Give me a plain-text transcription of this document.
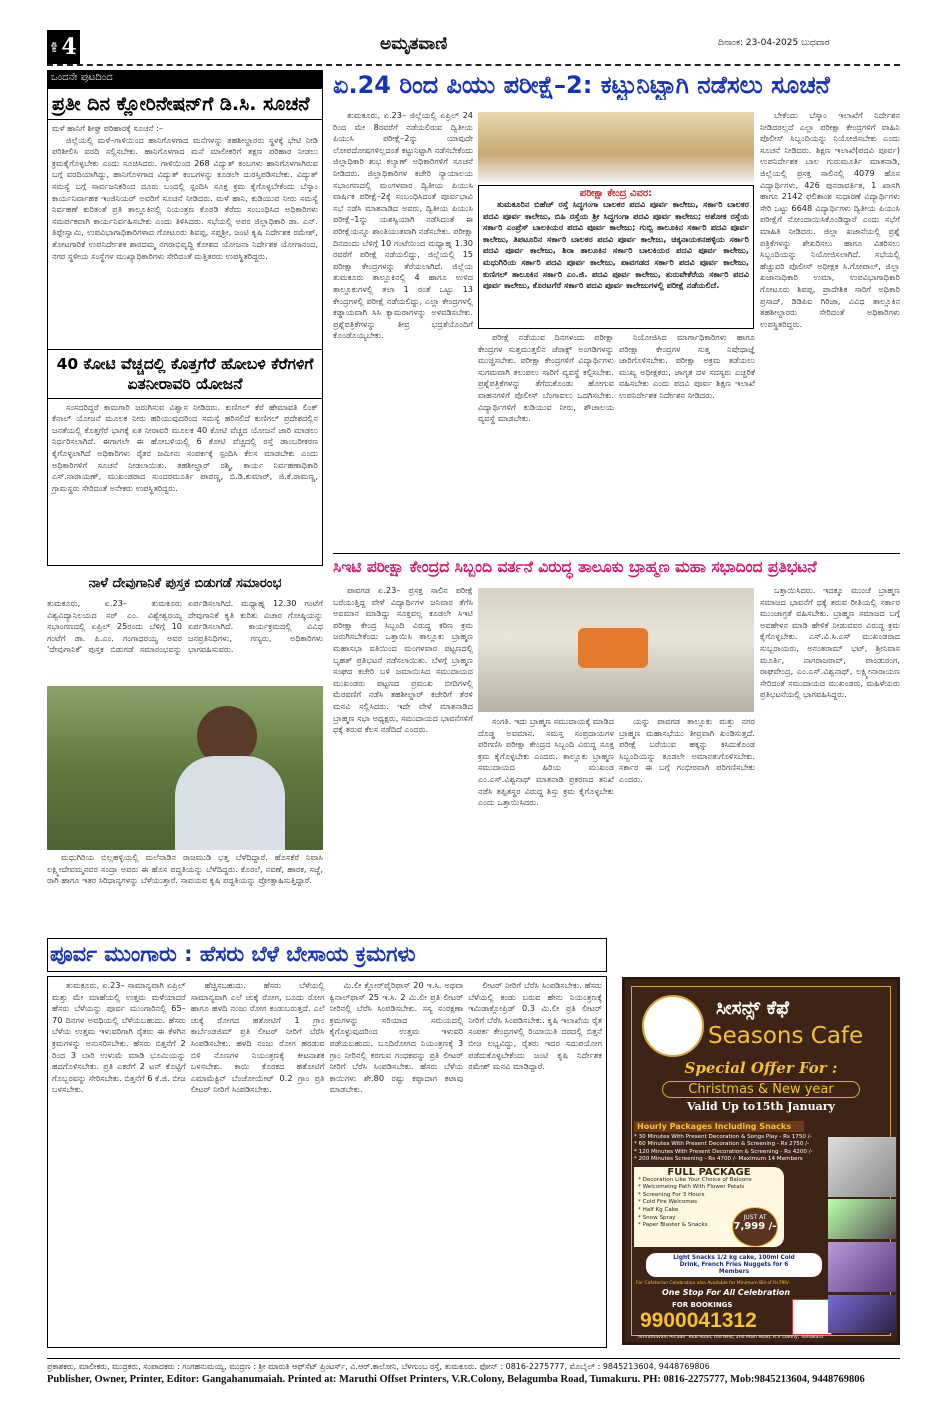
ಪುಟ 4	ಅಮೃತವಾಣಿ	ದಿನಾಂಕ: 23-04-2025 ಬುಧವಾರ
ಒಂದನೇ ಪುಟದಿಂದ
ಪ್ರತೀ ದಿನ ಕ್ಲೋರಿನೇಷನ್‌ಗೆ ಡಿ.ಸಿ. ಸೂಚನೆ
ಮಳೆ ಹಾನಿಗೆ ಶೀಘ್ರ ಪರಿಹಾರಕ್ಕೆ ಸೂಚನೆ :–
ಜಿಲ್ಲೆಯಲ್ಲಿ ಮಳೆ–ಗಾಳಿಯಿಂದ ಹಾನಿಗೊಳಗಾದ ಮನೆಗಳನ್ನು ತಹಶೀಲ್ದಾರರು ಸ್ಥಳಕ್ಕೆ ಭೇಟಿ ನೀಡಿ ಪರಿಶೀಲಿಸಿ ವರದಿ ಸಲ್ಲಿಸಬೇಕು. ಹಾನಿಗೊಳಗಾದ ಮನೆ ಮಾಲೀಕರಿಗೆ ತಕ್ಷಣ ಪರಿಹಾರ ನೀಡಲು ಕ್ರಮಕೈಗೊಳ್ಳಬೇಕು ಎಂದು ಸೂಚಿಸಿದರು. ಗಾಳಿಯಿಂದ 268 ವಿದ್ಯುತ್ ಕಂಬಗಳು ಹಾನಿಗೊಳಗಾಗಿರುವ ಬಗ್ಗೆ ವರದಿಯಾಗಿದ್ದು, ಹಾನಿಗೊಳಗಾದ ವಿದ್ಯುತ್ ಕಂಬಗಳನ್ನು ಕೂಡಲೇ ದುರಸ್ತಿಪಡಿಸಬೇಕು. ವಿದ್ಯುತ್ ಸಮಸ್ಯೆ ಬಗ್ಗೆ ಸಾರ್ವಜನಿಕರಿಂದ ದೂರು ಬಂದಲ್ಲಿ ಸ್ಪಂದಿಸಿ ಸೂಕ್ತ ಕ್ರಮ ಕೈಗೊಳ್ಳಬೇಕೆಂದು ಬೆಸ್ಕಾಂ ಕಾರ್ಯನಿರ್ವಾಹಕ ಇಂಜಿನಿಯರ್ ಅವರಿಗೆ ಸೂಚನೆ ನೀಡಿದರು. ಮಳೆ ಹಾನಿ, ಕುಡಿಯುವ ನೀರು ಸಮಸ್ಯೆ ನಿರ್ವಹಣೆ ಕುರಿತಂತೆ ಪ್ರತಿ ತಾಲ್ಲೂಕಿನಲ್ಲಿ ನಿಯಂತ್ರಣ ಕೊಠಡಿ ತೆರೆದು ಸಂಬಂಧಿಸಿದ ಅಧಿಕಾರಿಗಳು ಸಮರ್ಪಕವಾಗಿ ಕಾರ್ಯನಿರ್ವಹಿಸಬೇಕು ಎಂದು ತಿಳಿಸಿದರು. ಸಭೆಯಲ್ಲಿ ಅಪರ ಜಿಲ್ಲಾಧಿಕಾರಿ ಡಾ. ಎನ್. ತಿಪ್ಪೇಸ್ವಾಮಿ, ಉಪವಿಭಾಗಾಧಿಕಾರಿಗಳಾದ ಗೋಟೂರು ಶಿವಪ್ಪ, ಸಪ್ತಶ್ರೀ, ಜಂಟಿ ಕೃಷಿ ನಿರ್ದೇಶಕ ರಮೇಶ್, ತೋಟಗಾರಿಕೆ ಉಪನಿರ್ದೇಶಕ ಶಾರದಮ್ಮ ನಗರಾಭಿವೃದ್ಧಿ ಕೋಶದ ಯೋಜನಾ ನಿರ್ದೇಶಕ ಯೋಗಾನಂದ, ನಗರ ಸ್ಥಳೀಯ ಸಂಸ್ಥೆಗಳ ಮುಖ್ಯಾಧಿಕಾರಿಗಳು ಸೇರಿದಂತೆ ಮತ್ತಿತರರು ಉಪಸ್ಥಿತರಿದ್ದರು.
40 ಕೋಟಿ ವೆಚ್ಚದಲ್ಲಿ ಕೊತ್ತಗೆರೆ ಹೋಬಳಿ ಕೆರೆಗಳಿಗೆ ಏತನೀರಾವರಿ ಯೋಜನೆ
ಸಂಸದರಿದ್ದರೆ ಕಾಮಗಾರಿ ಜರುಗಿಸುವ ವಿಶ್ವಾಸ ನೀಡಿದರು. ಕುಣಿಗಲ್ ಕೆರೆ ಹೇಮಾವತಿ ಲಿಂಕ್ ಕೆನಾಲ್ ಯೋಜನೆ ಮೂಲಕ ನೀರು ಹರಿಯುವುದರಿಂದ ಸಮಸ್ಯೆ ಹರಿಸಲಿದೆ ಕುಣಿಗಲ್ ಪ್ರದೇಶದಲ್ಲಿನ ಜನತೆಯಲ್ಲಿ ಕೊತ್ತಗೆರೆ ಭಾಗಕ್ಕೆ ಏತ ನೀರಾವರಿ ಮೂಲಕ 40 ಕೋಟಿ ವೆಚ್ಚದ ಯೋಜನೆ ಜಾರಿ ಮಾಡಲು ನಿರ್ಧರಿಸಲಾಗಿದೆ. ಈಗಾಗಲೇ ಈ ಹೋಬಳಿಯಲ್ಲಿ 6 ಕೋಟಿ ವೆಚ್ಚದಲ್ಲಿ ರಸ್ತೆ ಡಾಂಬರೀಕರಣ ಕೈಗೊಳ್ಳಲಾಗಿದೆ ಅಧಿಕಾರಿಗಳು ರೈತರ ಜಮೀನು ಸಂಪರ್ಕಕ್ಕೆ ಸ್ಪಂದಿಸಿ ಕೆಲಸ ಮಾಡಬೇಕು ಎಂದು ಅಧಿಕಾರಿಗಳಿಗೆ ಸೂಚನೆ ನೀಡಲಾಯಿತು. ತಹಶೀಲ್ದಾರ್ ರಶ್ಮಿ, ಕಾರ್ಯ ನಿರ್ವಹಣಾಧಿಕಾರಿ ಎಸ್.ನಾರಾಯಣ್, ಮುಖಂಡರಾದ ಸುಂದರಮೂರ್ತಿ ಪಾಪಣ್ಣ, ಬಿ.ಡಿ.ಕುಮಾರ್, ಜಿ.ಕೆ.ರಾಮಣ್ಣ, ಗ್ರಾಮಸ್ಥರು ಸೇರಿದಂತೆ ಅನೇಕರು ಉಪಸ್ಥಿತರಿದ್ದರು.
ನಾಳೆ ದೇವುಗಾನಿಕೆ ಪುಸ್ತಕ ಬಿಡುಗಡೆ ಸಮಾರಂಭ
ತುಮಕೂರು, ಏ.23– ತುಮಕೂರು ವಿಶ್ವವಿದ್ಯಾನಿಲಯದ ಸರ್ ಎಂ. ವಿಶ್ವೇಶ್ವರಯ್ಯ ಸಭಾಂಗಣದಲ್ಲಿ ಏಪ್ರಿಲ್ 25ರಂದು ಬೆಳಿಗ್ಗೆ 10 ಗಂಟೆಗೆ ಡಾ. ಪಿ.ಎಂ. ಗಂಗಾಧರಯ್ಯ ಅವರ 'ದೇವುಗಾನಿಕೆ' ಪುಸ್ತಕ ಬಿಡುಗಡೆ ಸಮಾರಂಭವನ್ನು ಏರ್ಪಡಿಸಲಾಗಿದೆ. ಮಧ್ಯಾಹ್ನ 12.30 ಗಂಟೆಗೆ ದೇವುಗಾನಿಕೆ ಕೃತಿ ಕುರಿತು ವಿಚಾರ ಗೋಷ್ಠಿಯನ್ನು ಏರ್ಪಡಿಸಲಾಗಿದೆ. ಕಾರ್ಯಕ್ರಮದಲ್ಲಿ ವಿವಿಧ ಜನಪ್ರತಿನಿಧಿಗಳು, ಗಣ್ಯರು, ಅಧಿಕಾರಿಗಳು ಭಾಗವಹಿಸುವರು.
ಮಧುಗಿರಿಯ ಬಿಲ್ಲಹಳ್ಳಿಯಲ್ಲಿ ಮಲೆನಾಡಿನ ರಾಜಮುಡಿ ಭತ್ತ ಬೆಳೆದಿದ್ದಾರೆ. ಹೊಸಕೆರೆ ನಿವಾಸಿ ಲಕ್ಷ್ಮೀದೇವಮ್ಮನವರ ಸಂದ್ರಾ ಅವರು ಈ ಹೊಸ ಪದ್ಧತಿಯನ್ನು ಬೆಳೆದಿದ್ದರು. ಕೊರಲೆ, ನವಣೆ, ಹಾರಕ, ಸಜ್ಜೆ, ರಾಗಿ ಹಾಗೂ ಇತರ ಸಿರಿಧಾನ್ಯಗಳನ್ನು ಬೆಳೆಯುತ್ತಾರೆ. ಸಾವಯವ ಕೃಷಿ ಪದ್ಧತಿಯನ್ನು ಪ್ರೋತ್ಸಾಹಿಸುತ್ತಿದ್ದಾರೆ.
ಏ.24 ರಿಂದ ಪಿಯು ಪರೀಕ್ಷೆ–2: ಕಟ್ಟುನಿಟ್ಟಾಗಿ ನಡೆಸಲು ಸೂಚನೆ
ತುಮಕೂರು, ಏ.23– ಜಿಲ್ಲೆಯಲ್ಲಿ ಏಪ್ರಿಲ್ 24 ರಿಂದ ಮೇ 8ರವರೆಗೆ ನಡೆಯಲಿರುವ ದ್ವಿತೀಯ ಪಿಯುಸಿ ಪರೀಕ್ಷೆ–2ನ್ನು ಯಾವುದೇ ಲೋಪದೋಷಗಳಿಲ್ಲದಂತೆ ಕಟ್ಟುನಿಟ್ಟಾಗಿ ನಡೆಸಬೇಕೆಂದು ಜಿಲ್ಲಾಧಿಕಾರಿ ಶುಭ ಕಲ್ಯಾಣ್ ಅಧಿಕಾರಿಗಳಿಗೆ ಸೂಚನೆ ನೀಡಿದರು. ಜಿಲ್ಲಾಧಿಕಾರಿಗಳ ಕಚೇರಿ ನ್ಯಾಯಾಲಯ ಸಭಾಂಗಣದಲ್ಲಿ ಮಂಗಳವಾರ ದ್ವಿತೀಯ ಪಿಯುಸಿ ವಾರ್ಷಿಕ ಪರೀಕ್ಷೆ–2ಕ್ಕೆ ಸಂಬಂಧಿಸಿದಂತೆ ಪೂರ್ವಭಾವಿ ಸಭೆ ನಡೆಸಿ ಮಾತನಾಡಿದ ಅವರು, ದ್ವಿತೀಯ ಪಿಯುಸಿ ಪರೀಕ್ಷೆ–1ನ್ನು ಯಶಸ್ವಿಯಾಗಿ ನಡೆಸಿದಂತೆ ಈ ಪರೀಕ್ಷೆಯನ್ನೂ ಶಾಂತಿಯುತವಾಗಿ ನಡೆಸಬೇಕು. ಪರೀಕ್ಷಾ ದಿನದಂದು ಬೆಳಿಗ್ಗೆ 10 ಗಂಟೆಯಿಂದ ಮಧ್ಯಾಹ್ನ 1.30 ರವರೆಗೆ ಪರೀಕ್ಷೆ ನಡೆಯಲಿದ್ದು, ಜಿಲ್ಲೆಯಲ್ಲಿ 15 ಪರೀಕ್ಷಾ ಕೇಂದ್ರಗಳನ್ನು ತೆರೆಯಲಾಗಿದೆ. ಜಿಲ್ಲೆಯ ತುಮಕೂರು ತಾಲ್ಲೂಕಿನಲ್ಲಿ 4 ಹಾಗೂ ಉಳಿದ ತಾಲ್ಲೂಕುಗಳಲ್ಲಿ ತಲಾ 1 ರಂತೆ ಒಟ್ಟು 13 ಕೇಂದ್ರಗಳಲ್ಲಿ ಪರೀಕ್ಷೆ ನಡೆಯಲಿದ್ದು, ಎಲ್ಲಾ ಕೇಂದ್ರಗಳಲ್ಲಿ ಕಡ್ಡಾಯವಾಗಿ ಸಿಸಿ ಕ್ಯಾಮರಾಗಳನ್ನು ಅಳವಡಿಸಬೇಕು. ಪ್ರಶ್ನೆಪತ್ರಿಕೆಗಳನ್ನು ತೀವ್ರ ಭದ್ರತೆಯೊಂದಿಗೆ ಕೊಂಡೊಯ್ಯಬೇಕು.
ಪರೀಕ್ಷಾ ಕೇಂದ್ರ ವಿವರ:
ತುಮಕೂರಿನ ಬಿಹೆಚ್ ರಸ್ತೆ ಸಿದ್ಧಗಂಗಾ ಬಾಲಕರ ಪದವಿ ಪೂರ್ವ ಕಾಲೇಜು, ಸರ್ಕಾರಿ ಬಾಲಕರ ಪದವಿ ಪೂರ್ವ ಕಾಲೇಜು, ಬಿಹಿ ರಸ್ತೆಯ ಶ್ರೀ ಸಿದ್ಧಗಂಗಾ ಪದವಿ ಪೂರ್ವ ಕಾಲೇಜು; ಅಶೋಕ ರಸ್ತೆಯ ಸರ್ಕಾರಿ ಎಂಪ್ರೆಸ್ ಬಾಲಕಿಯರ ಪದವಿ ಪೂರ್ವ ಕಾಲೇಜು; ಗುಬ್ಬಿ ತಾಲೂಕಿನ ಸರ್ಕಾರಿ ಪದವಿ ಪೂರ್ವ ಕಾಲೇಜು, ತಿಪಟೂರಿನ ಸರ್ಕಾರಿ ಬಾಲಕರ ಪದವಿ ಪೂರ್ವ ಕಾಲೇಜು, ಚಿಕ್ಕನಾಯಕನಹಳ್ಳಿಯ ಸರ್ಕಾರಿ ಪದವಿ ಪೂರ್ವ ಕಾಲೇಜು, ಶಿರಾ ತಾಲೂಕಿನ ಸರ್ಕಾರಿ ಬಾಲಕಿಯರ ಪದವಿ ಪೂರ್ವ ಕಾಲೇಜು, ಮಧುಗಿರಿಯ ಸರ್ಕಾರಿ ಪದವಿ ಪೂರ್ವ ಕಾಲೇಜು, ಪಾವಗಡದ ಸರ್ಕಾರಿ ಪದವಿ ಪೂರ್ವ ಕಾಲೇಜು, ಕುಣಿಗಲ್ ತಾಲೂಕಿನ ಸರ್ಕಾರಿ ಎಂ.ಜಿ. ಪದವಿ ಪೂರ್ವ ಕಾಲೇಜು, ತುರುವೇಕೆರೆಯ ಸರ್ಕಾರಿ ಪದವಿ ಪೂರ್ವ ಕಾಲೇಜು, ಕೊರಟಗೆರೆ ಸರ್ಕಾರಿ ಪದವಿ ಪೂರ್ವ ಕಾಲೇಜುಗಳಲ್ಲಿ ಪರೀಕ್ಷೆ ನಡೆಯಲಿದೆ.
ಪರೀಕ್ಷೆ ನಡೆಯುವ ದಿನಗಳಂದು ಪರೀಕ್ಷಾ ಕೇಂದ್ರಗಳ ಸುತ್ತಮುತ್ತಲಿನ ಜೆರಾಕ್ಸ್ ಅಂಗಡಿಗಳನ್ನು ಮುಚ್ಚಿಸಬೇಕು. ಪರೀಕ್ಷಾ ಕೇಂದ್ರಗಳಿಗೆ ವಿದ್ಯಾರ್ಥಿಗಳು ಸುಗಮವಾಗಿ ತಲುಪಲು ಸಾರಿಗೆ ವ್ಯವಸ್ಥೆ ಕಲ್ಪಿಸಬೇಕು. ಪ್ರಶ್ನೆಪತ್ರಿಕೆಗಳನ್ನು ತೆಗೆದುಕೊಂಡು ಹೋಗುವ ವಾಹನಗಳಿಗೆ ಪೊಲೀಸ್ ಬೆಂಗಾವಲು ಒದಗಿಸಬೇಕು. ವಿದ್ಯಾರ್ಥಿಗಳಿಗೆ ಕುಡಿಯುವ ನೀರು, ಶೌಚಾಲಯ ವ್ಯವಸ್ಥೆ ಮಾಡಬೇಕು.
ನಿಯೋಜಿಸಿದ ಮಾರ್ಗಾಧಿಕಾರಿಗಳು ಹಾಗೂ ಪರೀಕ್ಷಾ ಕೇಂದ್ರಗಳ ಸುತ್ತ ನಿಷೇಧಾಜ್ಞೆ ಜಾರಿಗೊಳಿಸಬೇಕು. ಪರೀಕ್ಷಾ ಅಕ್ರಮ ತಡೆಯಲು ಮುಖ್ಯ ಅಧೀಕ್ಷಕರು, ಜಾಗೃತ ದಳ ಸದಸ್ಯರು ಎಚ್ಚರಿಕೆ ವಹಿಸಬೇಕು ಎಂದು ಪದವಿ ಪೂರ್ವ ಶಿಕ್ಷಣ ಇಲಾಖೆ ಉಪನಿರ್ದೇಶಕ ನಿರ್ದೇಶನ ನೀಡಿದರು.
ಬೇಕೆಂದು ಬೆಸ್ಕಾಂ ಇಲಾಖೆಗೆ ನಿರ್ದೇಶನ ನೀಡಿದರಲ್ಲದೆ ಎಲ್ಲಾ ಪರೀಕ್ಷಾ ಕೇಂದ್ರಗಳಿಗೆ ವಾಹಿನಿ ಪೊಲೀಸ್ ಸಿಬ್ಬಂದಿಯನ್ನು ನಿಯೋಜಿಸಬೇಕು ಎಂದು ಸೂಚನೆ ನೀಡಿದರು. ಶಿಕ್ಷಣ ಇಲಾಖೆ(ಪದವಿ ಪೂರ್ವ) ಉಪನಿರ್ದೇಶಕ ಬಾಲ ಗುರುಮೂರ್ತಿ ಮಾತನಾಡಿ, ಜಿಲ್ಲೆಯಲ್ಲಿ ಪ್ರಸಕ್ತ ಸಾಲಿನಲ್ಲಿ 4079 ಹೊಸ ವಿದ್ಯಾರ್ಥಿಗಳು, 426 ಪುನರಾವರ್ತಿತ, 1 ಖಾಸಗಿ ಹಾಗೂ 2142 ಫಲಿತಾಂಶ ಸುಧಾರಣೆ ವಿದ್ಯಾರ್ಥಿಗಳು ಸೇರಿ ಒಟ್ಟು 6648 ವಿದ್ಯಾರ್ಥಿಗಳು ದ್ವಿತೀಯ ಪಿಯುಸಿ ಪರೀಕ್ಷೆಗೆ ನೋಂದಾಯಿಸಿಕೊಂಡಿದ್ದಾರೆ ಎಂದು ಸಭೆಗೆ ಮಾಹಿತಿ ನೀಡಿದರು. ಜಿಲ್ಲಾ ಖಜಾನೆಯಲ್ಲಿ ಪ್ರಶ್ನೆ ಪತ್ರಿಕೆಗಳನ್ನು ಶೇಖರಿಸಲು ಹಾಗೂ ವಿತರಿಸಲು ಸಿಬ್ಬಂದಿಯನ್ನು ನಿಯೋಜಿಸಲಾಗಿದೆ. ಸಭೆಯಲ್ಲಿ ಹೆಚ್ಚುವರಿ ಪೊಲೀಸ್ ಅಧೀಕ್ಷಕ ಸಿ.ಗೋಪಾಲ್, ಜಿಲ್ಲಾ ಖಜಾನಾಧಿಕಾರಿ ಉಮಾ, ಉಪವಿಭಾಗಾಧಿಕಾರಿ ಗೋಟೂರು ಶಿವಪ್ಪ, ಪ್ರಾದೇಶಿಕ ಸಾರಿಗೆ ಅಧಿಕಾರಿ ಪ್ರಸಾದ್, ಡಿಡಿಪಿಐ ಗಿರಿಜಾ, ವಿವಿಧ ತಾಲ್ಲೂಕಿನ ತಹಶೀಲ್ದಾರರು ಸೇರಿದಂತೆ ಅಧಿಕಾರಿಗಳು ಉಪಸ್ಥಿತರಿದ್ದರು.
ಸಿಇಟಿ ಪರೀಕ್ಷಾ ಕೇಂದ್ರದ ಸಿಬ್ಬಂದಿ ವರ್ತನೆ ವಿರುದ್ಧ ತಾಲೂಕು ಬ್ರಾಹ್ಮಣ ಮಹಾ ಸಭಾದಿಂದ ಪ್ರತಿಭಟನೆ
ಪಾವಗಡ ಏ.23– ಪ್ರಸಕ್ತ ಸಾಲಿನ ಪರೀಕ್ಷೆ ಬರೆಯುತ್ತಿದ್ದ ವೇಳೆ ವಿದ್ಯಾರ್ಥಿಗಳ ಜನಿವಾರ ತೆಗೆಸಿ ಅವಮಾನ ಮಾಡಿದ್ದು ಸೂಕ್ತವಲ್ಲ ಕೂಡಲೇ ಸಿಇಟಿ ಪರೀಕ್ಷಾ ಕೇಂದ್ರ ಸಿಬ್ಬಂದಿ ವಿರುದ್ಧ ಕಠಿಣ ಕ್ರಮ ಜರುಗಿಸಬೇಕೆಂದು ಒತ್ತಾಯಿಸಿ ತಾಲ್ಲೂಕು ಬ್ರಾಹ್ಮಣ ಮಹಾಸಭಾ ವತಿಯಿಂದ ಮಂಗಳವಾರ ಪಟ್ಟಣದಲ್ಲಿ ಬೃಹತ್ ಪ್ರತಿಭಟನೆ ನಡೆಸಲಾಯಿತು. ಬೆಳಗ್ಗೆ ಬ್ರಾಹ್ಮಣ ಸಂಘದ ಕಚೇರಿ ಬಳಿ ಜಮಾಯಿಸಿದ ಸಮುದಾಯದ ಮುಖಂಡರು ಪಟ್ಟಣದ ಪ್ರಮುಖ ಬೀದಿಗಳಲ್ಲಿ ಮೆರವಣಿಗೆ ನಡೆಸಿ ತಹಶೀಲ್ದಾರ್ ಕಚೇರಿಗೆ ತೆರಳಿ ಮನವಿ ಸಲ್ಲಿಸಿದರು. ಇದೇ ವೇಳೆ ಮಾತನಾಡಿದ ಬ್ರಾಹ್ಮಣ ಸಭಾ ಅಧ್ಯಕ್ಷರು, ಸಮುದಾಯದ ಭಾವನೆಗಳಿಗೆ ಧಕ್ಕೆ ತರುವ ಕೆಲಸ ನಡೆದಿದೆ ಎಂದರು.
ಸಂಗತಿ. ಇದು ಬ್ರಾಹ್ಮಣ ಸಮುದಾಯಕ್ಕೆ ಮಾಡಿದ ದೊಡ್ಡ ಅವಮಾನ. ಸಮಸ್ತ ಸಂಪ್ರದಾಯಗಳ ಪರಿಗಣಿಸಿ ಪರೀಕ್ಷಾ ಕೇಂದ್ರದ ಸಿಬ್ಬಂದಿ ವಿರುದ್ಧ ಸೂಕ್ತ ಕ್ರಮ ಕೈಗೊಳ್ಳಬೇಕು ಎಂದರು. ತಾಲ್ಲೂಕು ಬ್ರಾಹ್ಮಣ ಸಮುದಾಯದ ಹಿರಿಯ ಮುಖಂಡ ಎಂ.ಎಸ್.ವಿಶ್ವನಾಥ್ ಮಾತನಾಡಿ ಪ್ರಕರಣದ ತನಿಖೆ ನಡೆಸಿ ತಪ್ಪಿತಸ್ಥರ ವಿರುದ್ಧ ಶಿಸ್ತು ಕ್ರಮ ಕೈಗೊಳ್ಳಬೇಕು ಎಂದು ಒತ್ತಾಯಿಸಿದರು.
ಯನ್ನು ಪಾವಗಡ ತಾಲ್ಲೂಕು ಮತ್ತು ನಗರ ಬ್ರಾಹ್ಮಣ ಮಹಾಸಭೆಯು ತೀವ್ರವಾಗಿ ಖಂಡಿಸುತ್ತದೆ. ಪರೀಕ್ಷೆ ಬರೆಯುವ ಹಕ್ಕನ್ನು ಕಸಿದುಕೊಂಡ ಸಿಬ್ಬಂದಿಯನ್ನು ಕೂಡಲೇ ಅಮಾನತುಗೊಳಿಸಬೇಕು. ಸರ್ಕಾರ ಈ ಬಗ್ಗೆ ಗಂಭೀರವಾಗಿ ಪರಿಗಣಿಸಬೇಕು ಎಂದರು.
ಒತ್ತಾಯಿಸಿದರು. ಇದಕ್ಕೂ ಮುಂಚೆ ಬ್ರಾಹ್ಮಣ ಸಮಾಜದ ಭಾವನೆಗೆ ಧಕ್ಕೆ ತರುವ ರೀತಿಯಲ್ಲಿ ಸರ್ಕಾರ ಮುಂಜಾಗ್ರತೆ ವಹಿಸಬೇಕು. ಬ್ರಾಹ್ಮಣ ಸಮಾಜದ ಬಗ್ಗೆ ಅವಹೇಳನ ಮಾಡಿ ಹೇಳಿಕೆ ನೀಡುವವರ ವಿರುದ್ಧ ಕ್ರಮ ಕೈಗೊಳ್ಳಬೇಕು. ಎಸ್.ವಿ.ಸಿ.ಎಸ್ ಮುಖಂಡರಾದ ಸುಬ್ಬರಾಯರು, ಅನಂತರಾಮ್ ಭಟ್, ಶ್ರೀನಿವಾಸ ಮೂರ್ತಿ, ನಾಗರಾಜರಾವ್, ಪಾಂಡುರಂಗ, ರಾಘವೇಂದ್ರ, ಎಂ.ಎಸ್.ವಿಶ್ವನಾಥ್, ಲಕ್ಷ್ಮೀನಾರಾಯಣ ಸೇರಿದಂತೆ ಸಮುದಾಯದ ಮುಖಂಡರು, ಮಹಿಳೆಯರು ಪ್ರತಿಭಟನೆಯಲ್ಲಿ ಭಾಗವಹಿಸಿದ್ದರು.
ಪೂರ್ವ ಮುಂಗಾರು : ಹೆಸರು ಬೆಳೆ ಬೇಸಾಯ ಕ್ರಮಗಳು
ತುಮಕೂರು, ಏ.23– ಸಾಮಾನ್ಯವಾಗಿ ಏಪ್ರಿಲ್ ಮತ್ತು ಮೇ ಮಾಹೆಯಲ್ಲಿ ಉತ್ತಮ ಮಳೆಯಾದರೆ ಹೆಸರು ಬೆಳೆಯನ್ನು ಪೂರ್ವ ಮುಂಗಾರಿನಲ್ಲಿ 65–70 ದಿನಗಳ ಅವಧಿಯಲ್ಲಿ ಬೆಳೆಯಬಹುದು. ಹೆಸರು ಬೆಳೆಯ ಉತ್ತಮ ಇಳುವರಿಗಾಗಿ ರೈತರು ಈ ಕೆಳಗಿನ ಕ್ರಮಗಳನ್ನು ಅನುಸರಿಸಬೇಕು. ಹೆಸರು ಬಿತ್ತನೆಗೆ 2 ರಿಂದ 3 ಬಾರಿ ಉಳುಮೆ ಮಾಡಿ ಭೂಮಿಯನ್ನು ಹದಗೊಳಿಸಬೇಕು. ಪ್ರತಿ ಎಕರೆಗೆ 2 ಟನ್ ಕೊಟ್ಟಿಗೆ ಗೊಬ್ಬರವನ್ನು ಸೇರಿಸಬೇಕು. ಬಿತ್ತನೆಗೆ 6 ಕೆ.ಜಿ. ಬೀಜ ಬಳಸಬೇಕು.
ಹೆಚ್ಚಿಸಬಹುದು. ಹೆಸರು ಬೆಳೆಯಲ್ಲಿ ಸಾಮಾನ್ಯವಾಗಿ ಎಲೆ ಚುಕ್ಕೆ ರೋಗ, ಬೂದು ರೋಗ ಹಾಗೂ ಹಳದಿ ನಂಜು ರೋಗ ಕಂಡುಬರುತ್ತದೆ. ಎಲೆ ಚುಕ್ಕೆ ರೋಗದ ಹತೋಟಿಗೆ 1 ಗ್ರಾಂ ಕಾರ್ಬೆಂಡಜಿಮ್ ಪ್ರತಿ ಲೀಟರ್ ನೀರಿಗೆ ಬೆರೆಸಿ ಸಿಂಪಡಿಸಬೇಕು. ಹಳದಿ ನಂಜು ರೋಗ ಹರಡುವ ಬಿಳಿ ನೊಣಗಳ ನಿಯಂತ್ರಣಕ್ಕೆ ಕೀಟನಾಶಕ ಬಳಸಬೇಕು. ಕಾಯಿ ಕೊರಕದ ಹತೋಟಿಗೆ ಎಮಾಮೆಕ್ಟಿನ್ ಬೆಂಜೋಯೇಟ್ 0.2 ಗ್ರಾಂ ಪ್ರತಿ ಲೀಟರ್ ನೀರಿಗೆ ಸಿಂಪಡಿಸಬೇಕು.
ಮಿ.ಲೀ ಕ್ಲೋರ್‌ಪೈರಿಫಾಸ್ 20 ಇ.ಸಿ. ಅಥವಾ ಕ್ವಿನಾಲ್‌ಫಾಸ್ 25 ಇ.ಸಿ. 2 ಮಿ.ಲೀ ಪ್ರತಿ ಲೀಟರ್ ನೀರಿನಲ್ಲಿ ಬೆರೆಸಿ ಸಿಂಪಡಿಸಬೇಕು. ಸಸ್ಯ ಸಂರಕ್ಷಣಾ ಕ್ರಮಗಳನ್ನು ಸರಿಯಾದ ಸಮಯದಲ್ಲಿ ಕೈಗೊಳ್ಳುವುದರಿಂದ ಉತ್ತಮ ಇಳುವರಿ ಪಡೆಯಬಹುದು. ಬೂದಿರೋಗದ ನಿಯಂತ್ರಣಕ್ಕೆ 3 ಗ್ರಾಂ ನೀರಿನಲ್ಲಿ ಕರಗುವ ಗಂಧಕವನ್ನು ಪ್ರತಿ ಲೀಟರ್ ನೀರಿಗೆ ಬೆರೆಸಿ ಸಿಂಪಡಿಸಬೇಕು. ಹೆಸರು ಬೆಳೆಯ ಕಾಯಿಗಳು ಶೇ.80 ರಷ್ಟು ಕಪ್ಪಾದಾಗ ಕಟಾವು ಮಾಡಬೇಕು.
ಲೀಟರ್ ನೀರಿಗೆ ಬೆರೆಸಿ ಸಿಂಪಡಿಸಬೇಕು. ಹೆಸರು ಬೆಳೆಯಲ್ಲಿ ಕಂಡು ಬರುವ ಹೇನು ನಿಯಂತ್ರಣಕ್ಕೆ ಇಮಿಡಾಕ್ಲೋಪ್ರಿಡ್ 0.3 ಮಿ.ಲೀ ಪ್ರತಿ ಲೀಟರ್ ನೀರಿಗೆ ಬೆರೆಸಿ ಸಿಂಪಡಿಸಬೇಕು. ಕೃಷಿ ಇಲಾಖೆಯ ರೈತ ಸಂಪರ್ಕ ಕೇಂದ್ರಗಳಲ್ಲಿ ರಿಯಾಯಿತಿ ದರದಲ್ಲಿ ಬಿತ್ತನೆ ಬೀಜ ಲಭ್ಯವಿದ್ದು, ರೈತರು ಇದರ ಸದುಪಯೋಗ ಪಡೆದುಕೊಳ್ಳಬೇಕೆಂದು ಜಂಟಿ ಕೃಷಿ ನಿರ್ದೇಶಕ ರಮೇಶ್ ಮನವಿ ಮಾಡಿದ್ದಾರೆ.
ಸೀಸನ್ಸ್ ಕೆಫೆ
Seasons Cafe
Special Offer For :
Christmas & New year
Valid Up to15th January
Hourly Packages Including Snacks
* 30 Minutes With Present Decoration & Songs Play - Rs 1750 /-
* 60 Minutes With Present Decoration & Screening - Rs 2750 /-
* 120 Minutes With Present Decoration & Screening - Rs 4200 /-
* 200 Minutes Screening - Rs 4700 /- Maximum 14 Members
FULL PACKAGE
* Decoration Like Your Choice of Baloons
* Welcomeing Path With Flower Petals
* Screening For 3 Hours
* Cold Fire Welcomes
* Half Kg Cake
* Snow Spray
* Paper Blaster & Snacks
JUST AT
7,999 /-
Light Snacks 1/2 kg cake, 100ml Cold Drink, French Fries Nuggets for 6 Members
For Cafeterian Celebration also Available for Minimum Bill of Rs790/-
One Stop For All Celebration
FOR BOOKINGS
9900041312
"Amruthavani Arcade" KEB Road, Old NH4, 2nd Main Road, R.V Colony, Tumakuru
ಪ್ರಕಾಶಕರು, ಮಾಲೀಕರು, ಮುದ್ರಕರು, ಸಂಪಾದಕರು : ಗಂಗಹನುಮಯ್ಯ, ಮುದ್ರಣ : ಶ್ರೀ ಮಾರುತಿ ಆಫ್‌ಸೆಟ್ ಪ್ರಿಂಟರ್ಸ್, ವಿ.ಆರ್.ಕಾಲೋನಿ, ಬೆಳಗುಂಬ ರಸ್ತೆ, ತುಮಕೂರು. ಫೋನ್ : 0816-2275777, ಮೊಬೈಲ್ : 9845213604, 9448769806
Publisher, Owner, Printer, Editor: Gangahanumaiah. Printed at: Maruthi Offset Printers, V.R.Colony, Belagumba Road, Tumakuru. PH: 0816-2275777, Mob:9845213604, 9448769806
